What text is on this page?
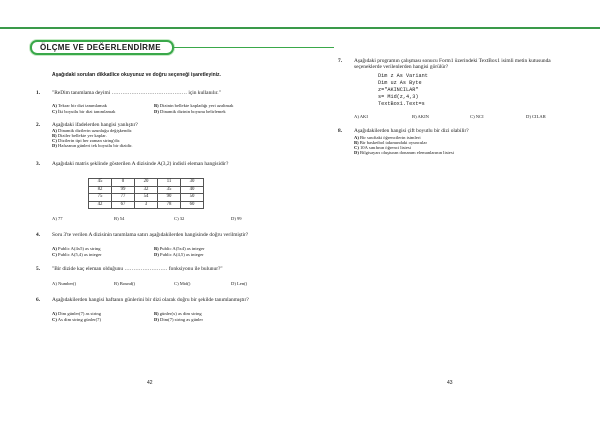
ÖLÇME VE DEĞERLENDİRME
Aşağıdaki soruları dikkatlice okuyunuz ve doğru seçeneği işaretleyiniz.
1. "ReDim tanımlama deyimi …………………………………… için kullanılır."
A) Tekrar bir dizi tanımlamak	B) Dizinin bellekte kapladığı yeri azaltmak
C) İki boyutlu bir dizi tanımlamak	D) Dinamik dizinin boyunu belirlemek
2. Aşağıdaki ifadelerden hangisi yanlıştır?
A) Dinamik dizilerin uzunluğu değişkendir.
B) Diziler bellekte yer kaplar.
C) Dizilerin tipi her zaman string'dir.
D) Hafızanın günleri tek boyutlu bir dizidir.
3. Aşağıdaki matris şeklinde gösterilen A dizisinde A(3,2) indisli eleman hangisidir?
A) 77	B) 54	C) 32	D) 99
4. Soru 3'te verilen A dizisinin tanımlama satırı aşağıdakilerden hangisinde doğru verilmiştir?
A) Public A(4x5) as string	B) Public A(5x4) as integer
C) Public A(5,4) as integer	D) Public A(4,5) as integer
5. "Bir dizide kaç eleman olduğunu …………………… fonksiyonu ile bulunur?"
A) Number()	B) Bound()	C) Mid()	D) Len()
6. Aşağıdakilerden hangisi haftanın günlerini bir dizi olarak doğru bir şekilde tanımlanmıştır?
A) Dim günler(7) as string	B) günler(x) as dim string
C) As dim string günler(7)	D) Dim(7) string as günler
45	0	20	11	30
82	99	32	35	40
75	77	54	90	50
42	67	3	78	60
7. Aşağıdaki programın çalışması sonucu Form1 üzerindeki TextBox1 isimli metin kutusunda seçeneklerde verilenlerden hangisi görülür?
Dim z As Variant
Dim uz As Byte
z="AKINCILAR"
s= Mid(z,4,3)
TextBox1.Text=s
A) AKI	B) AKIN	C) NCI	D) CILAR
8. Aşağıdakilerden hangisi çift boyutlu bir dizi olabilir?
A) Bir sınıftaki öğrencilerin isimleri
B) Bir basketbol takımındaki oyuncular
C) 10A sınıfının öğrenci listesi
D) Bilgisayarı oluşturan donanım elemanlarının listesi
42	43
